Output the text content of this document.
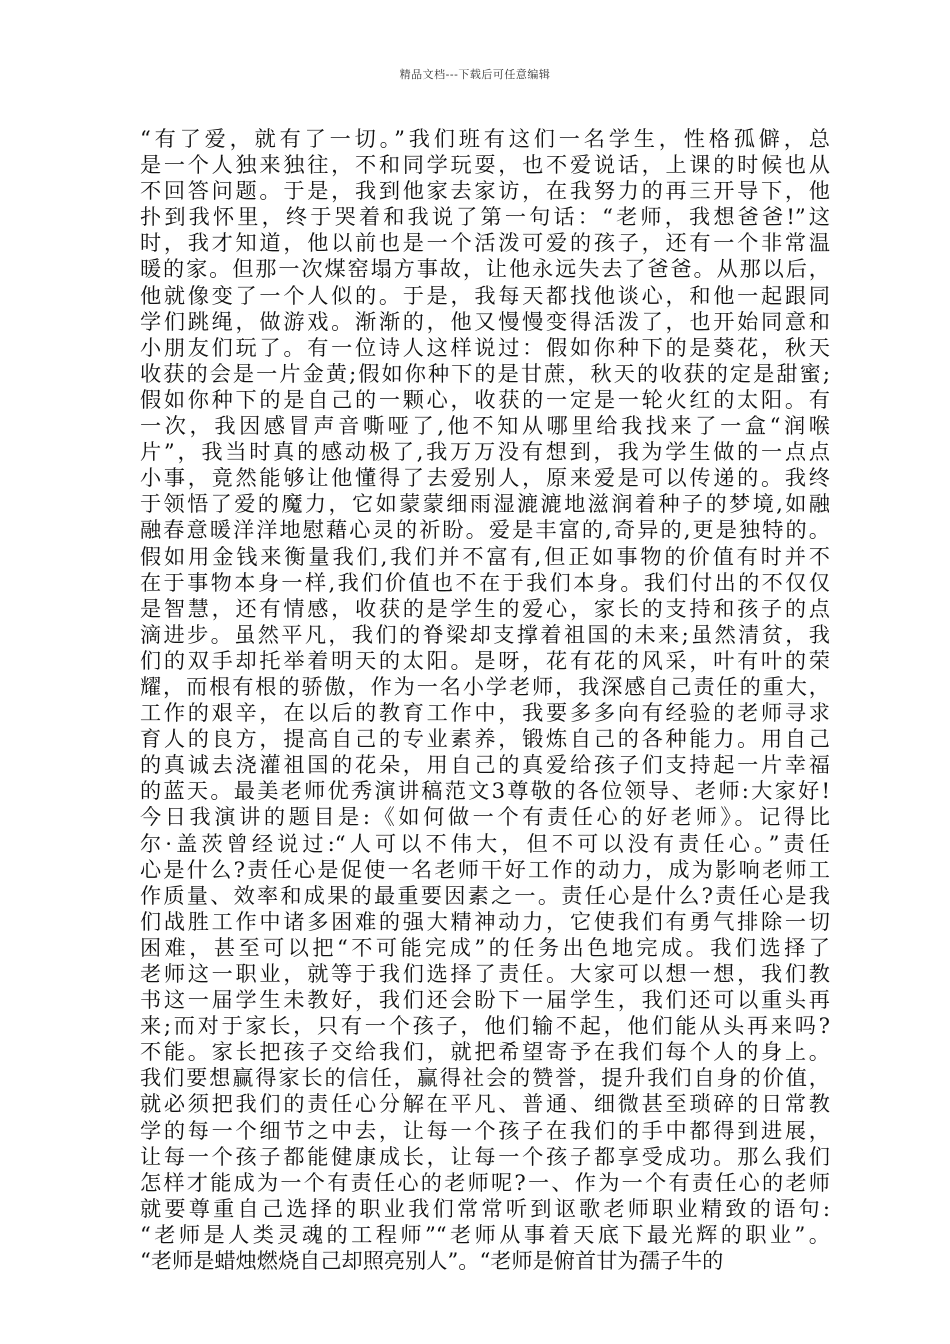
精品文档---下载后可任意编辑
“有了爱，就有了一切。”我们班有这们一名学生，性格孤僻，总
是一个人独来独往，不和同学玩耍，也不爱说话，上课的时候也从
不回答问题。于是，我到他家去家访，在我努力的再三开导下，他
扑到我怀里，终于哭着和我说了第一句话：“老师，我想爸爸!”这
时，我才知道，他以前也是一个活泼可爱的孩子，还有一个非常温
暖的家。但那一次煤窑塌方事故，让他永远失去了爸爸。从那以后，
他就像变了一个人似的。于是，我每天都找他谈心，和他一起跟同
学们跳绳，做游戏。渐渐的，他又慢慢变得活泼了，也开始同意和
小朋友们玩了。有一位诗人这样说过：假如你种下的是葵花，秋天
收获的会是一片金黄;假如你种下的是甘蔗，秋天的收获的定是甜蜜;
假如你种下的是自己的一颗心，收获的一定是一轮火红的太阳。有
一次，我因感冒声音嘶哑了,他不知从哪里给我找来了一盒“润喉
片”，我当时真的感动极了,我万万没有想到，我为学生做的一点点
小事，竟然能够让他懂得了去爱别人，原来爱是可以传递的。我终
于领悟了爱的魔力，它如蒙蒙细雨湿漉漉地滋润着种子的梦境,如融
融春意暖洋洋地慰藉心灵的祈盼。爱是丰富的,奇异的,更是独特的。
假如用金钱来衡量我们,我们并不富有,但正如事物的价值有时并不
在于事物本身一样,我们价值也不在于我们本身。我们付出的不仅仅
是智慧，还有情感，收获的是学生的爱心，家长的支持和孩子的点
滴进步。虽然平凡，我们的脊梁却支撑着祖国的未来;虽然清贫，我
们的双手却托举着明天的太阳。是呀，花有花的风采，叶有叶的荣
耀，而根有根的骄傲，作为一名小学老师，我深感自己责任的重大，
工作的艰辛，在以后的教育工作中，我要多多向有经验的老师寻求
育人的良方，提高自己的专业素养，锻炼自己的各种能力。用自己
的真诚去浇灌祖国的花朵，用自己的真爱给孩子们支持起一片幸福
的蓝天。最美老师优秀演讲稿范文3尊敬的各位领导、老师:大家好!
今日我演讲的题目是:《如何做一个有责任心的好老师》。记得比
尔·盖茨曾经说过:“人可以不伟大，但不可以没有责任心。”责任
心是什么?责任心是促使一名老师干好工作的动力，成为影响老师工
作质量、效率和成果的最重要因素之一。责任心是什么?责任心是我
们战胜工作中诸多困难的强大精神动力，它使我们有勇气排除一切
困难，甚至可以把“不可能完成”的任务出色地完成。我们选择了
老师这一职业，就等于我们选择了责任。大家可以想一想，我们教
书这一届学生未教好，我们还会盼下一届学生，我们还可以重头再
来;而对于家长，只有一个孩子，他们输不起，他们能从头再来吗?
不能。家长把孩子交给我们，就把希望寄予在我们每个人的身上。
我们要想赢得家长的信任，赢得社会的赞誉，提升我们自身的价值，
就必须把我们的责任心分解在平凡、普通、细微甚至琐碎的日常教
学的每一个细节之中去，让每一个孩子在我们的手中都得到进展，
让每一个孩子都能健康成长，让每一个孩子都享受成功。那么我们
怎样才能成为一个有责任心的老师呢?一、作为一个有责任心的老师
就要尊重自己选择的职业我们常常听到讴歌老师职业精致的语句:
“老师是人类灵魂的工程师”“老师从事着天底下最光辉的职业”。
“老师是蜡烛燃烧自己却照亮别人”。“老师是俯首甘为孺子牛的
